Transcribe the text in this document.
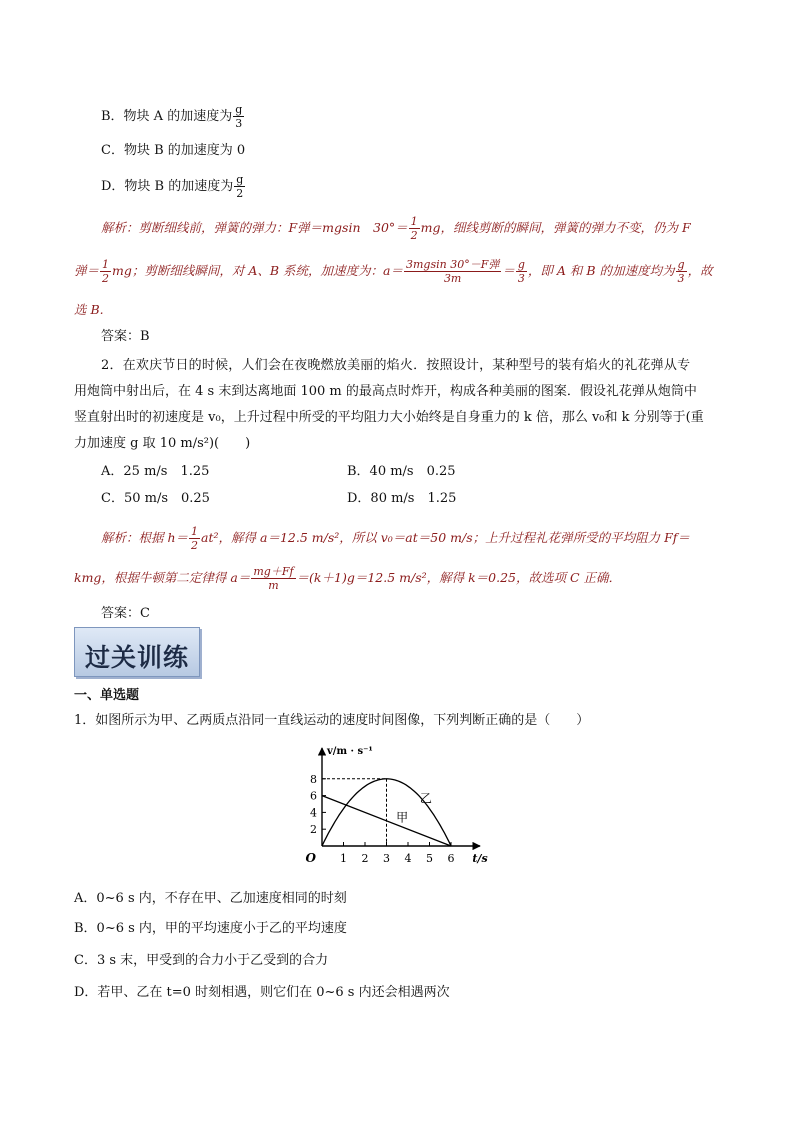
B．物块 A 的加速度为 $\frac{g}{3}$
C．物块 B 的加速度为 0
D．物块 B 的加速度为 $\frac{g}{2}$
解析：剪断细线前，弹簧的弹力：F弹＝mgsin　$30^\circ= \frac{1}{2}$ mg，细线剪断的瞬间，弹簧的弹力不变，仍为 F
弹＝ $\frac{1}{2}$ mg；剪断细线瞬间，对 A、B 系统，加速度为：$a= \frac{\text{3mgsin 30°－F弹}}{3m} = \frac{g}{3}$ ，即 A 和 B 的加速度均为 $\frac{g}{3}$ ，故
选 B.
答案：B
2．在欢庆节日的时候，人们会在夜晚燃放美丽的焰火．按照设计，某种型号的装有焰火的礼花弹从专
用炮筒中射出后，在 4 s 末到达离地面 100 m 的最高点时炸开，构成各种美丽的图案．假设礼花弹从炮筒中
竖直射出时的初速度是 v₀，上升过程中所受的平均阻力大小始终是自身重力的 k 倍，那么 v₀和 k 分别等于(重
力加速度 g 取 10 m/s²)(　　)
A．25 m/s　1.25	B．40 m/s　0.25
C．50 m/s　0.25	D．80 m/s　1.25
解析：根据 $h= \frac{1}{2} at^2$，解得 a＝12.5 m/s²，所以 v₀＝at＝50 m/s；上升过程礼花弹所受的平均阻力 Ff＝
kmg，根据牛顿第二定律得 $a= \frac{mg+Ff}{m} =(k+1)g=12.5$ m/s²，解得 k＝0.25，故选项 C 正确．
答案：C
过关训练
一、单选题
1．如图所示为甲、乙两质点沿同一直线运动的速度时间图像，下列判断正确的是（　　）
1 2 3 4 5 6
2
4
6
8
O	t/s
v/m · s⁻¹
甲
乙
A．0~6 s 内，不存在甲、乙加速度相同的时刻
B．0~6 s 内，甲的平均速度小于乙的平均速度
C．3 s 末，甲受到的合力小于乙受到的合力
D．若甲、乙在 t=0 时刻相遇，则它们在 0~6 s 内还会相遇两次
